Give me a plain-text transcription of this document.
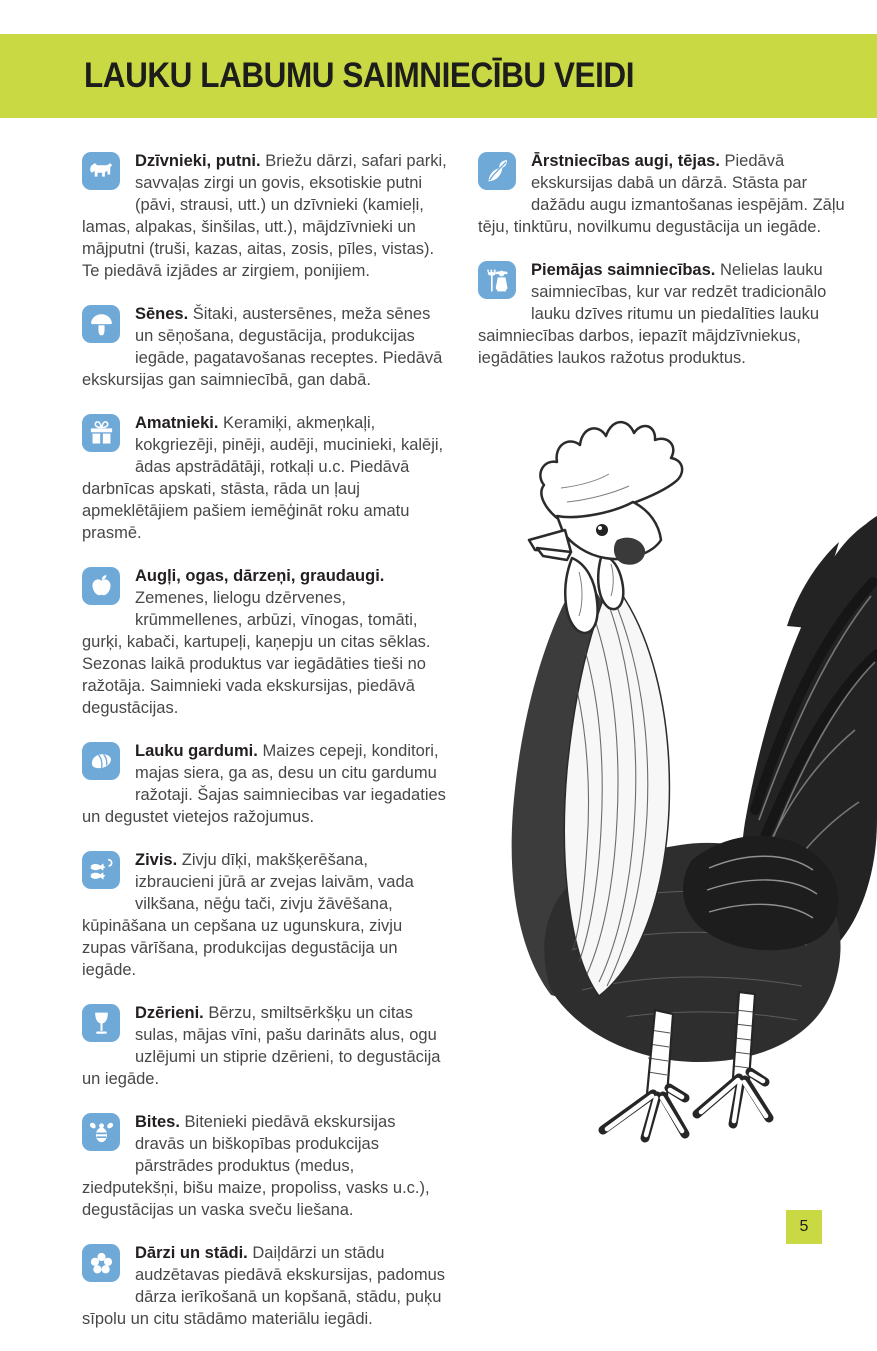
LAUKU LABUMU SAIMNIECĪBU VEIDI
Dzīvnieki, putni. Briežu dārzi, safari parki, savvaļas zirgi un govis, eksotiskie putni (pāvi, strausi, utt.) un dzīvnieki (kamieļi, lamas, alpakas, šinšilas, utt.), mājdzīvnieki un mājputni (truši, kazas, aitas, zosis, pīles, vistas). Te piedāvā izjādes ar zirgiem, ponijiem.
Sēnes. Šitaki, austersēnes, meža sēnes un sēņošana, degustācija, produkcijas iegāde, pagatavošanas receptes. Piedāvā ekskursijas gan saimniecībā, gan dabā.
Amatnieki. Keramiķi, akmeņkaļi, kokgriezēji, pinēji, audēji, mucinieki, kalēji, ādas apstrādātāji, rotkaļi u.c. Piedāvā darbnīcas apskati, stāsta, rāda un ļauj apmeklētājiem pašiem iemēģināt roku amatu prasmē.
Augļi, ogas, dārzeņi, graudaugi. Zemenes, lielogu dzērvenes, krūmmellenes, arbūzi, vīnogas, tomāti, gurķi, kabači, kartupeļi, kaņepju un citas sēklas. Sezonas laikā produktus var iegādāties tieši no ražotāja. Saimnieki vada ekskursijas, piedāvā degustācijas.
Lauku gardumi. Maizes cepeji, konditori, majas siera, ga as, desu un citu gardumu ražotaji. Šajas saimniecibas var iegadaties un degustet vietejos ražojumus.
Zivis. Zivju dīķi, makšķerēšana, izbraucieni jūrā ar zvejas laivām, vada vilkšana, nēģu tači, zivju žāvēšana, kūpināšana un cepšana uz ugunskura, zivju zupas vārīšana, produkcijas degustācija un iegāde.
Dzērieni. Bērzu, smiltsērkšķu un citas sulas, mājas vīni, pašu darināts alus, ogu uzlējumi un stiprie dzērieni, to degustācija un iegāde.
Bites. Bitenieki piedāvā ekskursijas dravās un biškopības produkcijas pārstrādes produktus (medus, ziedputekšņi, bišu maize, propoliss, vasks u.c.), degustācijas un vaska sveču liešana.
Dārzi un stādi. Daiļdārzi un stādu audzētavas piedāvā ekskursijas, padomus dārza ierīkošanā un kopšanā, stādu, puķu sīpolu un citu stādāmo materiālu iegādi.
Ārstniecības augi, tējas. Piedāvā ekskursijas dabā un dārzā. Stāsta par dažādu augu izmantošanas iespējām. Zāļu tēju, tinktūru, novilkumu degustācija un iegāde.
Piemājas saimniecības. Nelielas lauku saimniecības, kur var redzēt tradicionālo lauku dzīves ritumu un piedalīties lauku saimniecības darbos, iepazīt mājdzīvniekus, iegādāties laukos ražotus produktus.
5
